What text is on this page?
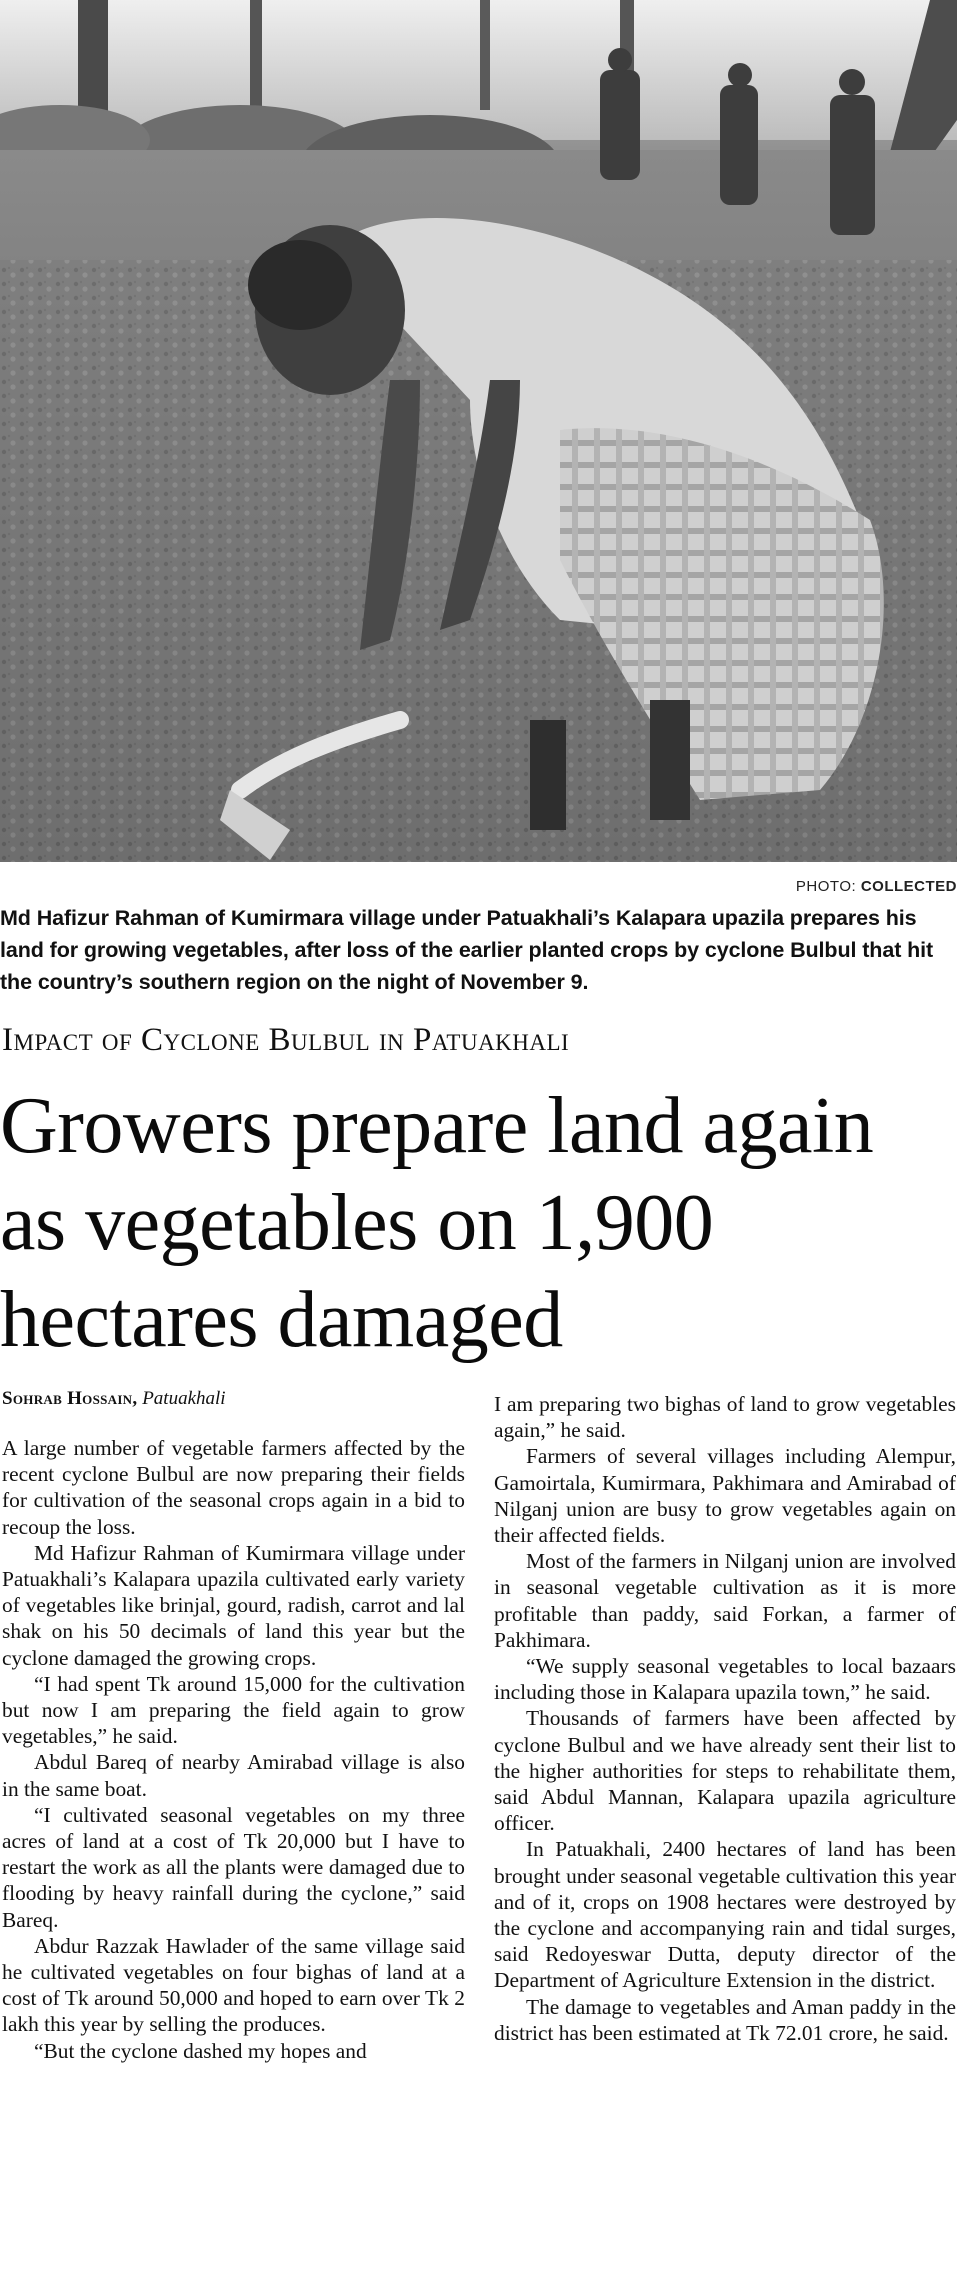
PHOTO: COLLECTED
Md Hafizur Rahman of Kumirmara village under Patuakhali’s Kalapara upazila prepares his land for growing vegetables, after loss of the earlier planted crops by cyclone Bulbul that hit the country’s southern region on the night of November 9.
Impact of Cyclone Bulbul in Patuakhali
Growers prepare land again as vegetables on 1,900 hectares damaged
Sohrab Hossain, Patuakhali

A large number of vegetable farmers affected by the recent cyclone Bulbul are now preparing their fields for cultivation of the seasonal crops again in a bid to recoup the loss.

Md Hafizur Rahman of Kumirmara village under Patuakhali’s Kalapara upazila cultivated early variety of vegetables like brinjal, gourd, radish, carrot and lal shak on his 50 decimals of land this year but the cyclone damaged the growing crops.

“I had spent Tk around 15,000 for the cultivation but now I am preparing the field again to grow vegetables,” he said.

Abdul Bareq of nearby Amirabad village is also in the same boat.

“I cultivated seasonal vegetables on my three acres of land at a cost of Tk 20,000 but I have to restart the work as all the plants were damaged due to flooding by heavy rainfall during the cyclone,” said Bareq.

Abdur Razzak Hawlader of the same village said he cultivated vegetables on four bighas of land at a cost of Tk around 50,000 and hoped to earn over Tk 2 lakh this year by selling the produces.

“But the cyclone dashed my hopes and

I am preparing two bighas of land to grow vegetables again,” he said.

Farmers of several villages including Alempur, Gamoirtala, Kumirmara, Pakhimara and Amirabad of Nilganj union are busy to grow vegetables again on their affected fields.

Most of the farmers in Nilganj union are involved in seasonal vegetable cultivation as it is more profitable than paddy, said Forkan, a farmer of Pakhimara.

“We supply seasonal vegetables to local bazaars including those in Kalapara upazila town,” he said.

Thousands of farmers have been affected by cyclone Bulbul and we have already sent their list to the higher authorities for steps to rehabilitate them, said Abdul Mannan, Kalapara upazila agriculture officer.

In Patuakhali, 2400 hectares of land has been brought under seasonal vegetable cultivation this year and of it, crops on 1908 hectares were destroyed by the cyclone and accompanying rain and tidal surges, said Redoyeswar Dutta, deputy director of the Department of Agriculture Extension in the district.

The damage to vegetables and Aman paddy in the district has been estimated at Tk 72.01 crore, he said.
